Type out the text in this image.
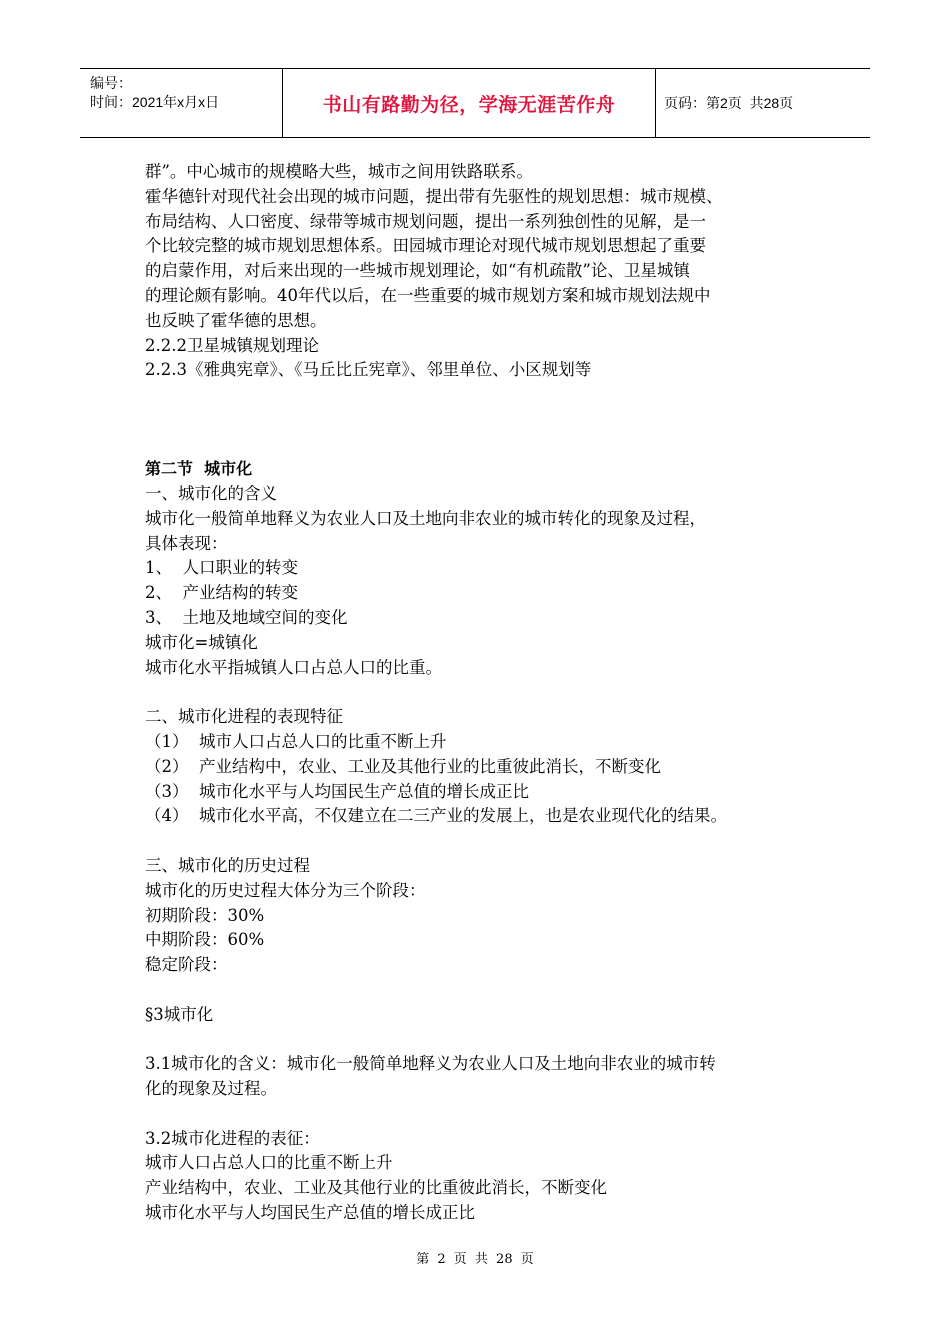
编号：
时间：2021年x月x日	书山有路勤为径，学海无涯苦作舟	页码：第2页  共28页

群”。中心城市的规模略大些，城市之间用铁路联系。

霍华德针对现代社会出现的城市问题，提出带有先驱性的规划思想：城市规模、

布局结构、人口密度、绿带等城市规划问题，提出一系列独创性的见解，是一

个比较完整的城市规划思想体系。田园城市理论对现代城市规划思想起了重要

的启蒙作用，对后来出现的一些城市规划理论，如“有机疏散”论、卫星城镇

的理论颇有影响。40年代以后，在一些重要的城市规划方案和城市规划法规中

也反映了霍华德的思想。

2.2.2卫星城镇规划理论

2.2.3《雅典宪章》、《马丘比丘宪章》、邻里单位、小区规划等

第二节  城市化

一、城市化的含义

城市化一般简单地释义为农业人口及土地向非农业的城市转化的现象及过程，

具体表现：

1、  人口职业的转变

2、  产业结构的转变

3、  土地及地域空间的变化

城市化=城镇化

城市化水平指城镇人口占总人口的比重。

二、城市化进程的表现特征

（1）  城市人口占总人口的比重不断上升

（2）  产业结构中，农业、工业及其他行业的比重彼此消长，不断变化

（3）  城市化水平与人均国民生产总值的增长成正比

（4）  城市化水平高，不仅建立在二三产业的发展上，也是农业现代化的结果。

三、城市化的历史过程

城市化的历史过程大体分为三个阶段：

初期阶段：30%

中期阶段：60%

稳定阶段：

§3城市化

3.1城市化的含义：城市化一般简单地释义为农业人口及土地向非农业的城市转

化的现象及过程。

3.2城市化进程的表征：

城市人口占总人口的比重不断上升

产业结构中，农业、工业及其他行业的比重彼此消长，不断变化

城市化水平与人均国民生产总值的增长成正比

第 2 页 共 28 页
